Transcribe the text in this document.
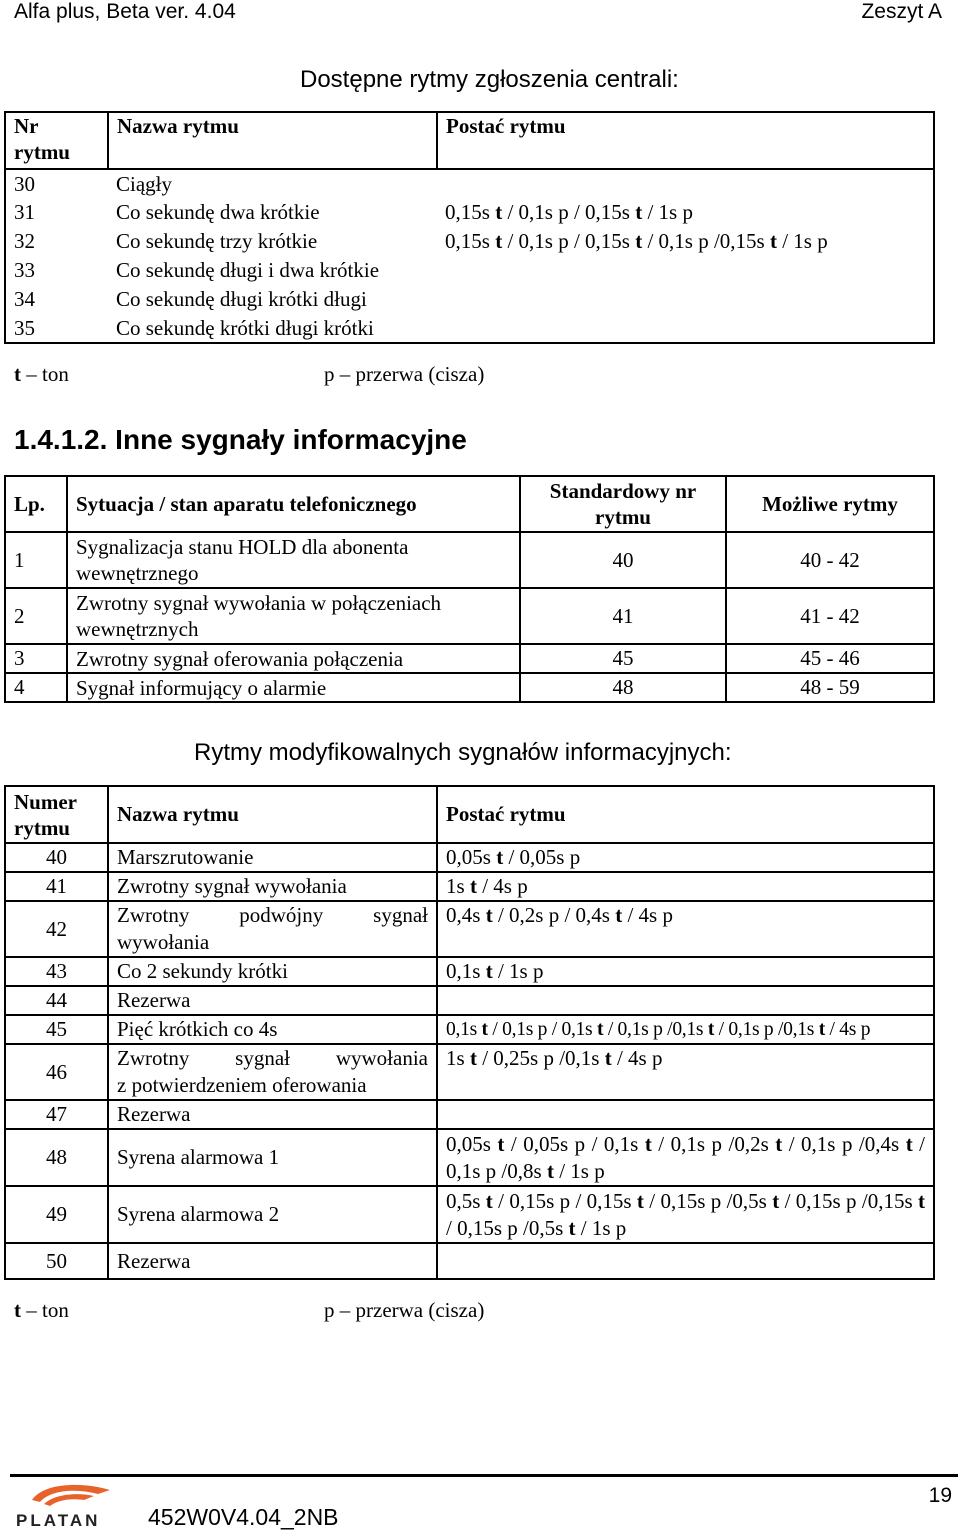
Alfa plus, Beta ver. 4.04	Zeszyt A
Dostępne rytmy zgłoszenia centrali:
Nr
rytmu	Nazwa rytmu	Postać rytmu
30	Ciągły	
31	Co sekundę dwa krótkie	0,15s t / 0,1s p / 0,15s t / 1s p
32	Co sekundę trzy krótkie	0,15s t / 0,1s p / 0,15s t / 0,1s p /0,15s t / 1s p
33	Co sekundę długi i dwa krótkie	
34	Co sekundę długi krótki długi	
35	Co sekundę krótki długi krótki	
t – ton	p – przerwa (cisza)
1.4.1.2. Inne sygnały informacyjne
Lp.	Sytuacja / stan aparatu telefonicznego	Standardowy nr rytmu	Możliwe rytmy
1	Sygnalizacja stanu HOLD dla abonenta wewnętrznego	40	40 - 42
2	Zwrotny sygnał wywołania w połączeniach wewnętrznych	41	41 - 42
3	Zwrotny sygnał oferowania połączenia	45	45 - 46
4	Sygnał informujący o alarmie	48	48 - 59
Rytmy modyfikowalnych sygnałów informacyjnych:
Numer
rytmu	Nazwa rytmu	Postać rytmu
40	Marszrutowanie	0,05s t / 0,05s p
41	Zwrotny sygnał wywołania	1s t / 4s p
42	Zwrotny podwójny sygnał
wywołania	0,4s t / 0,2s p / 0,4s t / 4s p
43	Co 2 sekundy krótki	0,1s t / 1s p
44	Rezerwa	
45	Pięć krótkich co 4s	0,1s t / 0,1s p / 0,1s t / 0,1s p /0,1s t / 0,1s p /0,1s t / 4s p
46	Zwrotny sygnał wywołania
z potwierdzeniem oferowania	1s t / 0,25s p /0,1s t / 4s p
47	Rezerwa	
48	Syrena alarmowa 1	0,05s t / 0,05s p / 0,1s t / 0,1s p /0,2s t / 0,1s p /0,4s t / 0,1s p /0,8s t / 1s p
49	Syrena alarmowa 2	0,5s t / 0,15s p / 0,15s t / 0,15s p /0,5s t / 0,15s p /0,15s t / 0,15s p /0,5s t / 1s p
50	Rezerwa	
t – ton	p – przerwa (cisza)
PLATAN 452W0V4.04_2NB
19
